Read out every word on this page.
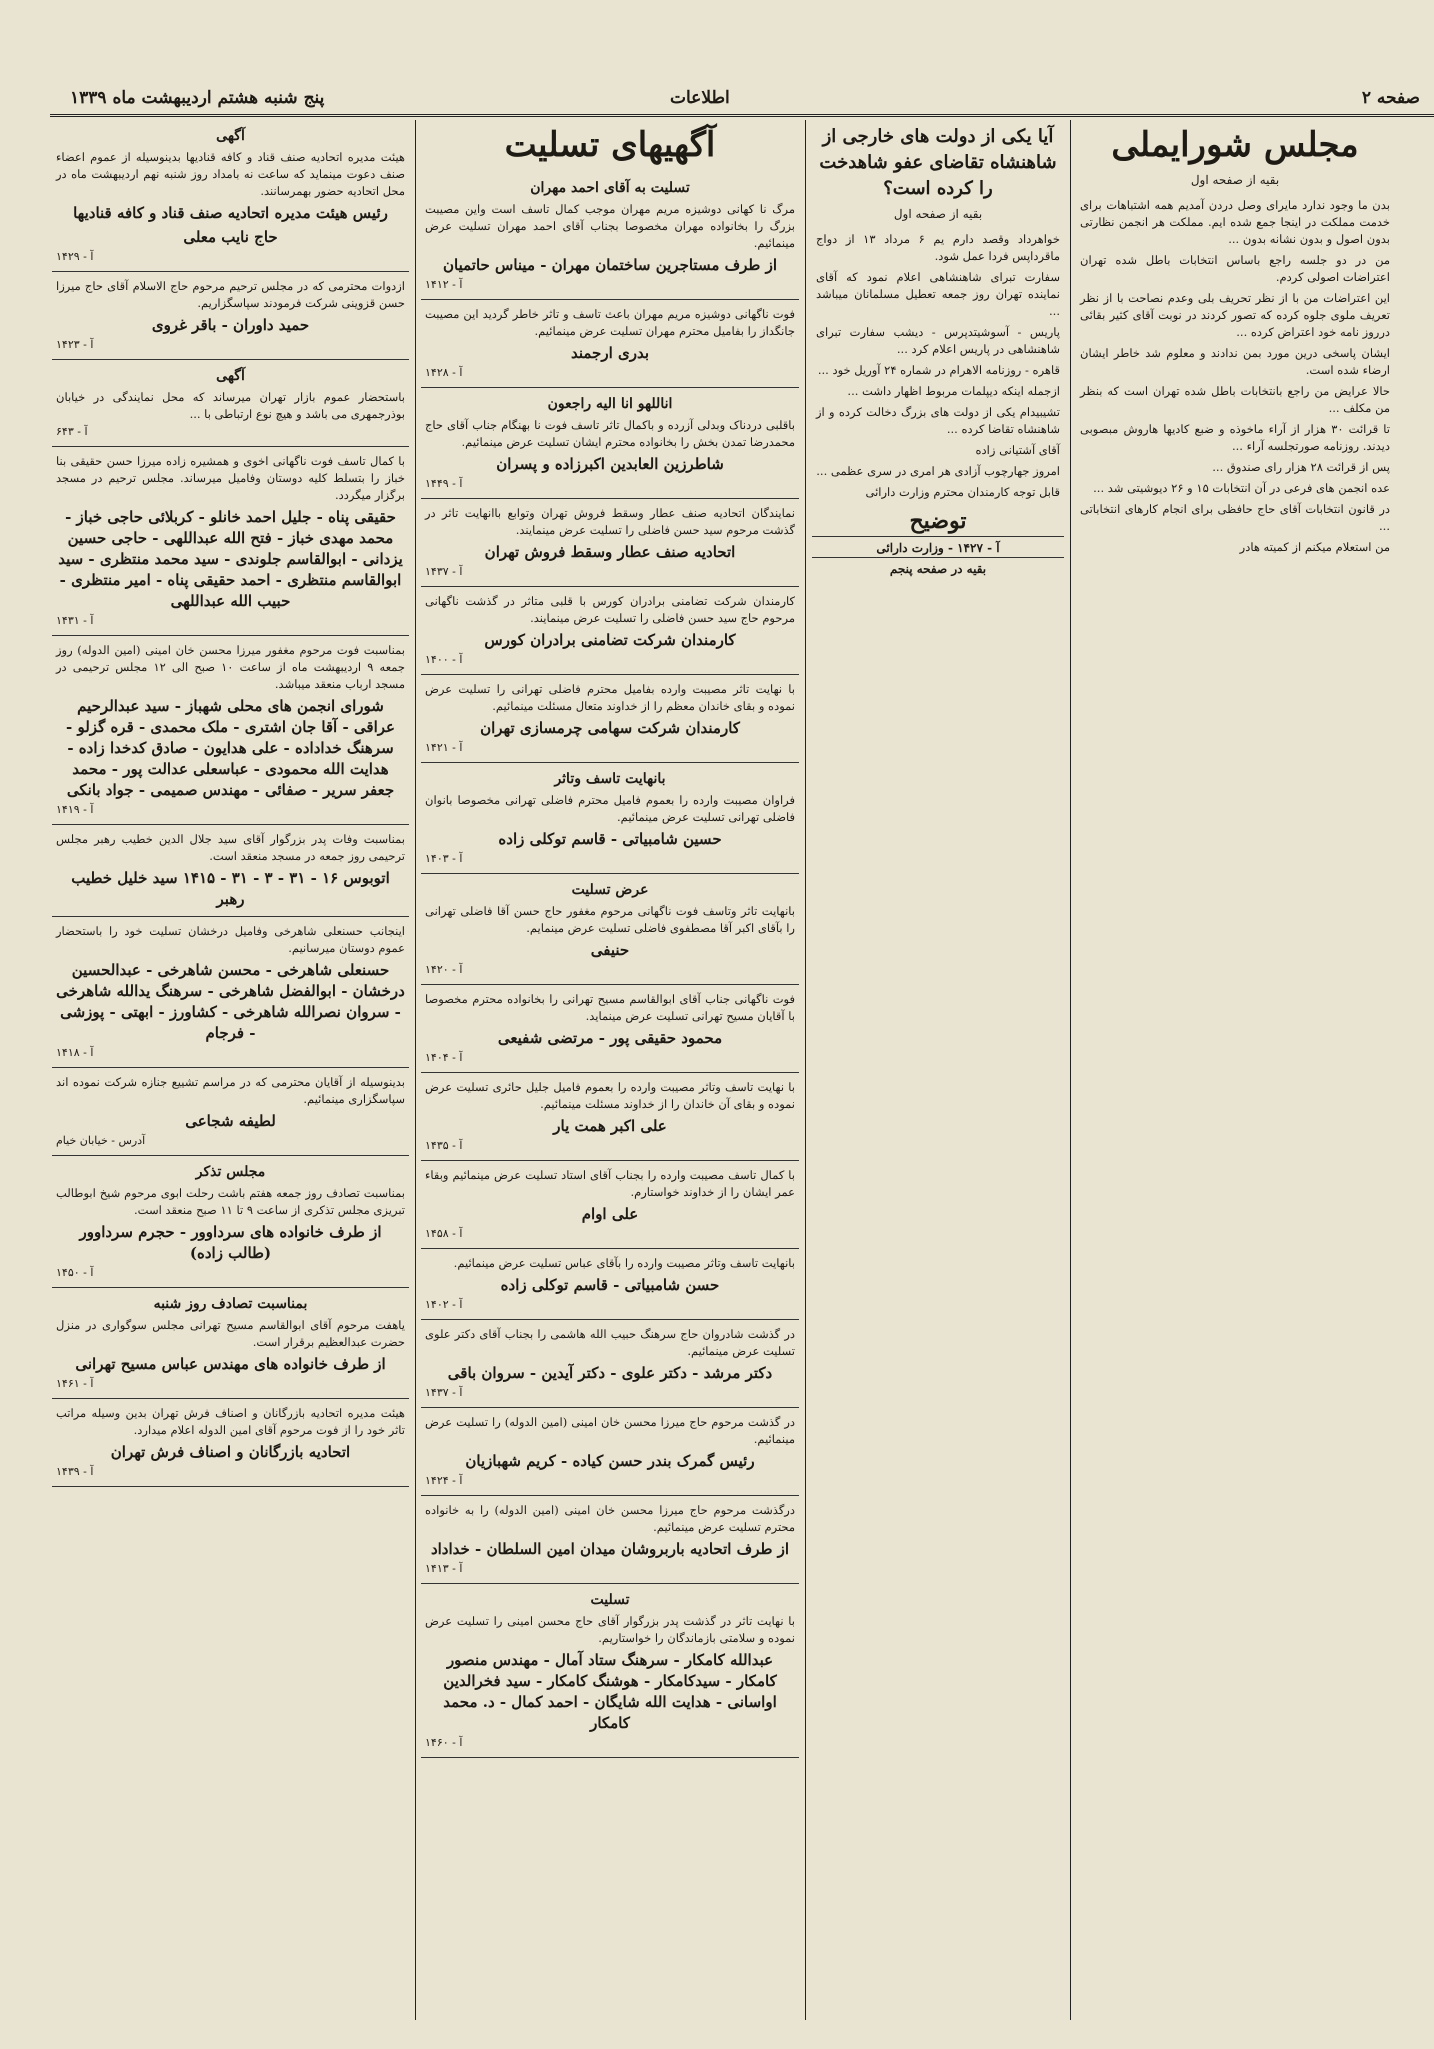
صفحه ۲
اطلاعات
پنج شنبه هشتم اردیبهشت ماه ۱۳۳۹
مجلس شورایملی
بقیه از صفحه اول

بدن ما وجود ندارد مایرای وصل دردن آمدیم همه اشتباهات برای خدمت مملکت در اینجا جمع شده ایم. مملکت هر انجمن نظارتی بدون اصول و بدون نشانه بدون ...

من در دو جلسه راجع باساس انتخابات باطل شده تهران اعتراضات اصولی کردم.

این اعتراضات من با از نظر تحریف بلی وعدم نصاحت با از نظر تعریف ملوی جلوه کرده که تصور کردند در نوبت آقای کثیر بقائی درروز نامه خود اعتراض کرده ...

ایشان پاسخی درین مورد بمن ندادند و معلوم شد خاطر ایشان ارضاء شده است.

حالا عرایض من راجع بانتخابات باطل شده تهران است که بنظر من مکلف ...

تا قرائت ۳۰ هزار از آراء ماخوذه و ضبع کادیها هاروش مبصوبی دیدند. روزنامه صورتجلسه آراء ...

پس از قرائت ۲۸ هزار رای صندوق ...

عده انجمن های فرعی در آن انتخابات ۱۵ و ۲۶ دیوشیتی شد ...

در قانون انتخابات آقای حاج حافظی برای انجام کارهای انتخاباتی ...

من استعلام میکنم از کمیته هادر

آیا یکی از دولت های خارجی از شاهنشاه تقاضای عفو شاهدخت را کرده است؟
بقیه از صفحه اول

خواهرداد وقصد دارم یم ۶ مرداد ۱۳ از دواج ماقرداپس فردا عمل شود.

سفارت تبرای شاهنشاهی اعلام نمود که آقای نماینده تهران روز جمعه تعطیل مسلمانان میباشد ...

پاریس - آسوشیتدپرس - دیشب سفارت تبرای شاهنشاهی در پاریس اعلام کرد ...

قاهره - روزنامه الاهرام در شماره ۲۴ آوریل خود ...

ازجمله اینکه دیپلمات مربوط اظهار داشت ...

تشیبیدام یکی از دولت های بزرگ دخالت کرده و از شاهنشاه تقاضا کرده ...

آقای آشتیانی زاده

امروز جهارچوب آزادی هر امری در سری عظمی ...

قابل توجه کارمندان محترم وزارت دارائی

توضیح
آ - ۱۴۲۷ - وزارت دارائی
بقیه در صفحه پنجم
آگهیهای تسلیت

تسلیت به آقای احمد مهران

مرگ نا کهانی دوشیزه مریم مهران موجب کمال تاسف است واین مصیبت بزرگ را بخانواده مهران مخصوصا بجناب آقای احمد مهران تسلیت عرض مینمائیم.

از طرف مستاجرین ساختمان مهران - میناس حاتمیان

آ - ۱۴۱۲

فوت ناگهانی دوشیزه مریم مهران باعث تاسف و تاثر خاطر گردید این مصیبت جانگداز را بفامیل محترم مهران تسلیت عرض مینمائیم.

بدری ارجمند

آ - ۱۴۲۸

اناللهو انا الیه راجعون

باقلبی دردناک وبدلی آزرده و باکمال تاثر تاسف فوت نا بهنگام جناب آقای حاج محمدرضا تمدن بخش را بخانواده محترم ایشان تسلیت عرض مینمائیم.

شاطرزین العابدین اکبرزاده و پسران

آ - ۱۴۴۹

نمایندگان اتحادیه صنف عطار وسقط فروش تهران وتوابع باانهایت تاثر در گذشت مرحوم سید حسن فاضلی را تسلیت عرض مینمایند.

اتحادیه صنف عطار وسقط فروش تهران

آ - ۱۴۳۷

کارمندان شرکت تضامنی برادران کورس با قلبی متاثر در گذشت ناگهانی مرحوم حاج سید حسن فاضلی را تسلیت عرض مینمایند.

کارمندان شرکت تضامنی برادران کورس

آ - ۱۴۰۰

با نهایت تاثر مصیبت وارده بفامیل محترم فاضلی تهرانی را تسلیت عرض نموده و بقای خاندان معظم را از خداوند متعال مسئلت مینمائیم.

کارمندان شرکت سهامی چرمسازی تهران

آ - ۱۴۲۱

بانهایت تاسف وتاثر

فراوان مصیبت وارده را بعموم فامیل محترم فاضلی تهرانی مخصوصا بانوان فاضلی تهرانی تسلیت عرض مینمائیم.

حسین شامبیاتی - قاسم توکلی زاده

آ - ۱۴۰۳

عرض تسلیت

بانهایت تاثر وتاسف فوت ناگهانی مرحوم مغفور حاج حسن آقا فاضلی تهرانی را بآقای اکبر آقا مصطفوی فاضلی تسلیت عرض مینمایم.

حنیفی

آ - ۱۴۲۰

فوت ناگهانی جناب آقای ابوالقاسم مسیح تهرانی را بخانواده محترم مخصوصا با آقایان مسیح تهرانی تسلیت عرض مینماید.

محمود حقیقی پور - مرتضی شفیعی

آ - ۱۴۰۴

با نهایت تاسف وتاثر مصیبت وارده را بعموم فامیل جلیل حائری تسلیت عرض نموده و بقای آن خاندان را از خداوند مسئلت مینمائیم.

علی اکبر همت یار

آ - ۱۴۳۵

با کمال تاسف مصیبت وارده را بجناب آقای استاد تسلیت عرض مینمائیم وبقاء عمر ایشان را از خداوند خواستارم.

علی اوام

آ - ۱۴۵۸

بانهایت تاسف وتاثر مصیبت وارده را بآقای عباس تسلیت عرض مینمائیم.

حسن شامبیاتی - قاسم توکلی زاده

آ - ۱۴۰۲

در گذشت شادروان حاج سرهنگ حبیب الله هاشمی را بجناب آقای دکتر علوی تسلیت عرض مینمائیم.

دکتر مرشد - دکتر علوی - دکتر آیدین - سروان باقی

آ - ۱۴۳۷

در گذشت مرحوم حاج میرزا محسن خان امینی (امین الدوله) را تسلیت عرض مینمائیم.

رئیس گمرک بندر حسن کیاده - کریم شهبازیان

آ - ۱۴۲۴

درگذشت مرحوم حاج میرزا محسن خان امینی (امین الدوله) را به خانواده محترم تسلیت عرض مینمائیم.

از طرف اتحادیه باربروشان میدان امین السلطان - خداداد

آ - ۱۴۱۳

تسلیت

با نهایت تاثر در گذشت پدر بزرگوار آقای حاج محسن امینی را تسلیت عرض نموده و سلامتی بازماندگان را خواستاریم.

عبدالله کامکار - سرهنگ ستاد آمال - مهندس منصور کامکار - سیدکامکار - هوشنگ کامکار - سید فخرالدین اواسانی - هدایت الله شایگان - احمد کمال - د. محمد کامکار

آ - ۱۴۶۰

آگهی

هیئت مدیره اتحادیه صنف قناد و کافه قنادیها بدینوسیله از عموم اعضاء صنف دعوت مینماید که ساعت نه بامداد روز شنبه نهم اردیبهشت ماه در محل اتحادیه حضور بهمرسانند.

رئیس هیئت مدیره اتحادیه صنف قناد و کافه قنادیها

حاج نایب معلی

آ - ۱۴۲۹

ازدوات محترمی که در مجلس ترحیم مرحوم حاج الاسلام آقای حاج میرزا حسن قزوینی شرکت فرمودند سپاسگزاریم.

حمید داوران - باقر غروی

آ - ۱۴۲۳

آگهی

باستحضار عموم بازار تهران میرساند که محل نمایندگی در خیابان بوذرجمهری می باشد و هیچ نوع ارتباطی با ...

آ - ۶۴۳

با کمال تاسف فوت ناگهانی اخوی و همشیره زاده میرزا حسن حقیقی بنا خباز را بتسلط کلیه دوستان وفامیل میرساند. مجلس ترحیم در مسجد برگزار میگردد.

حقیقی پناه - جلیل احمد خانلو - کربلائی حاجی خباز - محمد مهدی خباز - فتح الله عبداللهی - حاجی حسین یزدانی - ابوالقاسم جلوندی - سید محمد منتظری - سید ابوالقاسم منتظری - احمد حقیقی پناه - امیر منتظری - حبیب الله عبداللهی

آ - ۱۴۳۱

بمناسبت فوت مرحوم مغفور میرزا محسن خان امینی (امین الدوله) روز جمعه ۹ اردیبهشت ماه از ساعت ۱۰ صبح الی ۱۲ مجلس ترحیمی در مسجد ارباب منعقد میباشد.

شورای انجمن های محلی شهباز - سید عبدالرحیم عراقی - آقا جان اشتری - ملک محمدی - قره گزلو - سرهنگ خداداده - علی هدایون - صادق کدخدا زاده - هدایت الله محمودی - عباسعلی عدالت پور - محمد جعفر سریر - صفائی - مهندس صمیمی - جواد بانکی

آ - ۱۴۱۹

بمناسبت وفات پدر بزرگوار آقای سید جلال الدین خطیب رهبر مجلس ترحیمی روز جمعه در مسجد منعقد است.

اتوبوس ۱۶ - ۳۱ - ۳ - ۳۱ - ۱۴۱۵ سید خلیل خطیب رهبر

اینجانب حسنعلی شاهرخی وفامیل درخشان تسلیت خود را باستحضار عموم دوستان میرسانیم.

حسنعلی شاهرخی - محسن شاهرخی - عبدالحسین درخشان - ابوالفضل شاهرخی - سرهنگ یدالله شاهرخی - سروان نصرالله شاهرخی - کشاورز - ابهتی - پوزشی - فرجام

آ - ۱۴۱۸

بدینوسیله از آقایان محترمی که در مراسم تشییع جنازه شرکت نموده اند سپاسگزاری مینمائیم.

لطیفه شجاعی

آدرس - خیابان خیام

مجلس تذکر

بمناسبت تصادف روز جمعه هفتم باشت رحلت ابوی مرحوم شیخ ابوطالب تبریزی مجلس تذکری از ساعت ۹ تا ۱۱ صبح منعقد است.

از طرف خانواده های سرداوور - حجرم سرداوور (طالب زاده)

آ - ۱۴۵۰

بمناسبت تصادف روز شنبه

یاهفت مرحوم آقای ابوالقاسم مسیح تهرانی مجلس سوگواری در منزل حضرت عبدالعظیم برقرار است.

از طرف خانواده های مهندس عباس مسیح تهرانی

آ - ۱۴۶۱

هیئت مدیره اتحادیه بازرگانان و اصناف فرش تهران بدین وسیله مراتب تاثر خود را از فوت مرحوم آقای امین الدوله اعلام میدارد.

اتحادیه بازرگانان و اصناف فرش تهران

آ - ۱۴۳۹
